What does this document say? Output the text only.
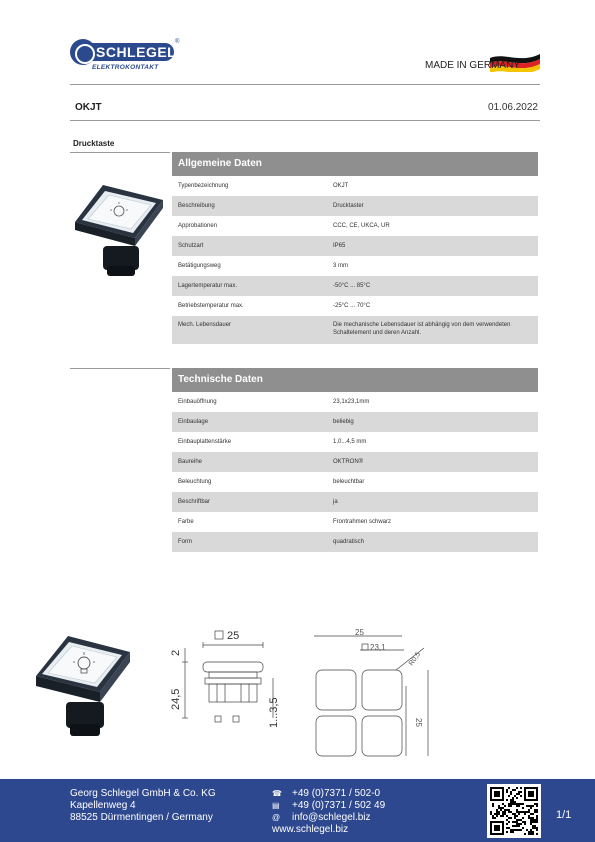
SCHLEGEL
®
ELEKTROKONTAKT	MADE IN GERMANY
OKJT	01.06.2022
Drucktaste
Allgemeine Daten
Typenbezeichnung	OKJT
Beschreibung	Drucktaster
Approbationen	CCC, CE, UKCA, UR
Schutzart	IP65
Betätigungsweg	3 mm
Lagertemperatur max.	-50°C ... 85°C
Betriebstemperatur max.	-25°C ... 70°C
Mech. Lebensdauer	Die mechanische Lebensdauer ist abhängig von dem verwendeten Schaltelement und deren Anzahl.
Technische Daten
Einbauöffnung	23,1x23,1mm
Einbaulage	beliebig
Einbauplattenstärke	1,0...4,5 mm
Baureihe	OKTRON®
Beleuchtung	beleuchtbar
Beschriftbar	ja
Farbe	Frontrahmen schwarz
Form	quadratisch
25
2
24,5	1...3,5
25
23,1
R0,5
25
Georg Schlegel GmbH & Co. KG
Kapellenweg 4
88525 Dürmentingen / Germany
☎	+49 (0)7371 / 502-0
▤	+49 (0)7371 / 502 49
@	info@schlegel.biz
www.schlegel.biz
1/1
